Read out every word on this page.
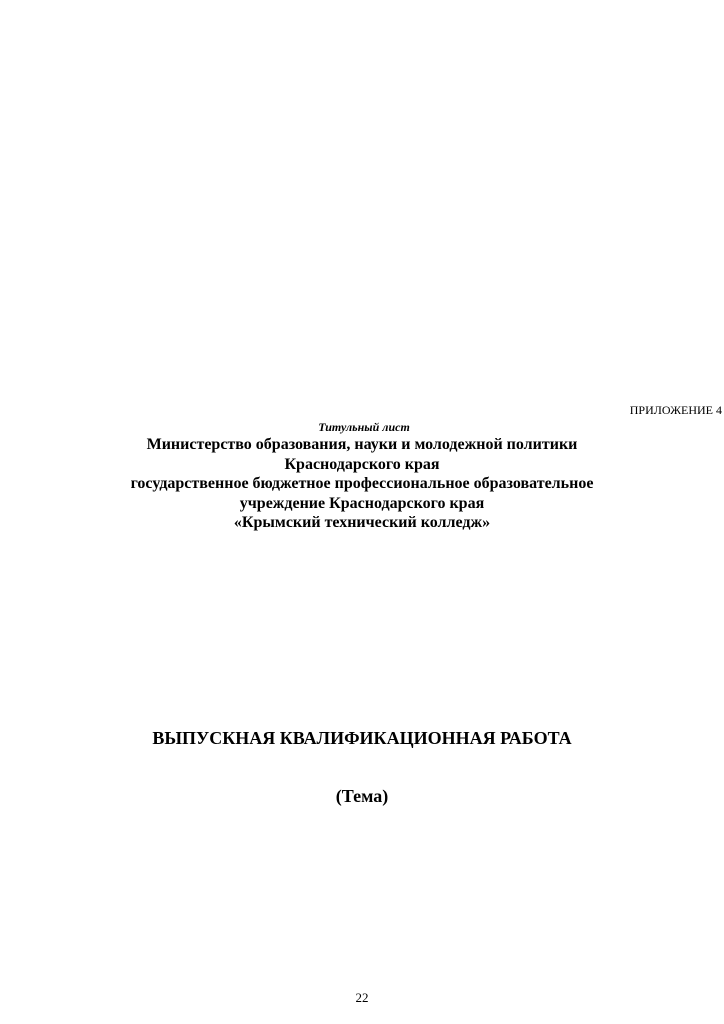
ПРИЛОЖЕНИЕ 4
Титульный лист
Министерство образования, науки и молодежной политики
Краснодарского края
государственное бюджетное профессиональное образовательное
учреждение Краснодарского края
«Крымский технический колледж»
ВЫПУСКНАЯ КВАЛИФИКАЦИОННАЯ РАБОТА
(Тема)
22
